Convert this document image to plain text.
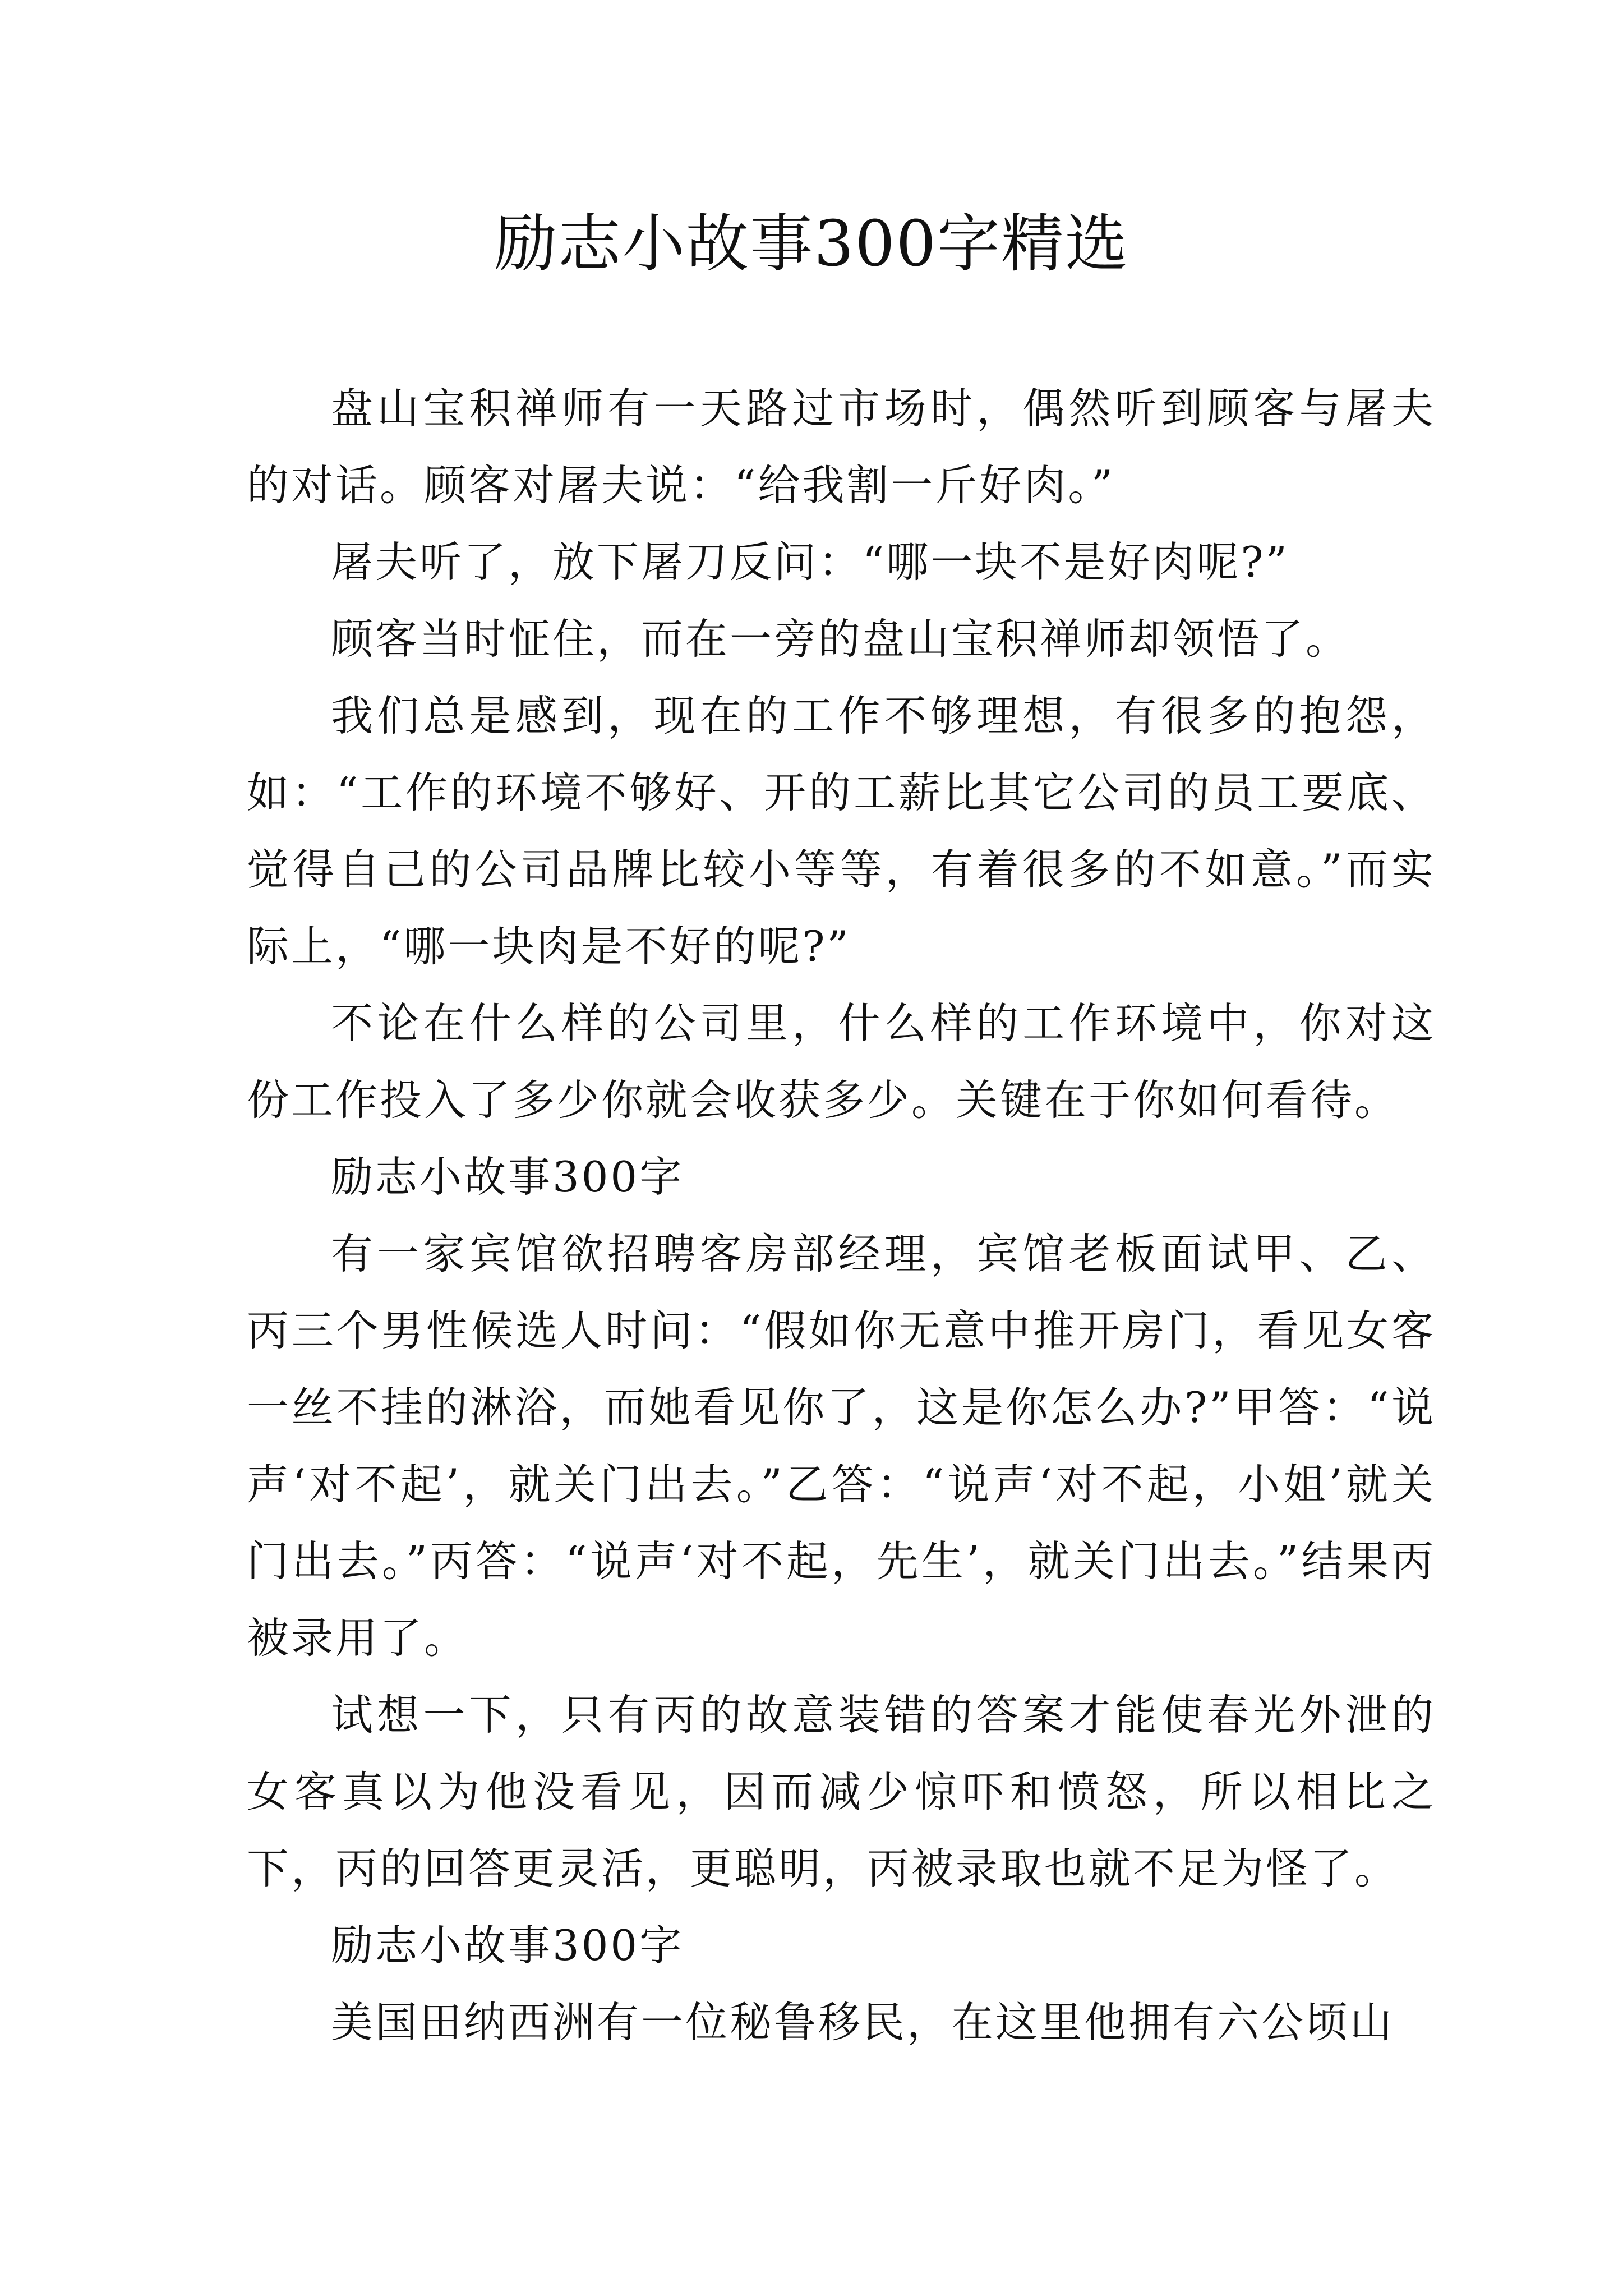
励志小故事300字精选

盘山宝积禅师有一天路过市场时，偶然听到顾客与屠夫的对话。顾客对屠夫说：“给我割一斤好肉。”

屠夫听了，放下屠刀反问：“哪一块不是好肉呢?”

顾客当时怔住，而在一旁的盘山宝积禅师却领悟了。

我们总是感到，现在的工作不够理想，有很多的抱怨，如：“工作的环境不够好、开的工薪比其它公司的员工要底、觉得自己的公司品牌比较小等等，有着很多的不如意。”而实际上，“哪一块肉是不好的呢?”

不论在什么样的公司里，什么样的工作环境中，你对这份工作投入了多少你就会收获多少。关键在于你如何看待。

励志小故事300字

有一家宾馆欲招聘客房部经理，宾馆老板面试甲、乙、丙三个男性候选人时问：“假如你无意中推开房门，看见女客一丝不挂的淋浴，而她看见你了，这是你怎么办?”甲答：“说声‘对不起’，就关门出去。”乙答：“说声‘对不起，小姐’就关门出去。”丙答：“说声‘对不起，先生’，就关门出去。”结果丙被录用了。

试想一下，只有丙的故意装错的答案才能使春光外泄的女客真以为他没看见，因而减少惊吓和愤怒，所以相比之下，丙的回答更灵活，更聪明，丙被录取也就不足为怪了。

励志小故事300字

美国田纳西洲有一位秘鲁移民，在这里他拥有六公顷山
